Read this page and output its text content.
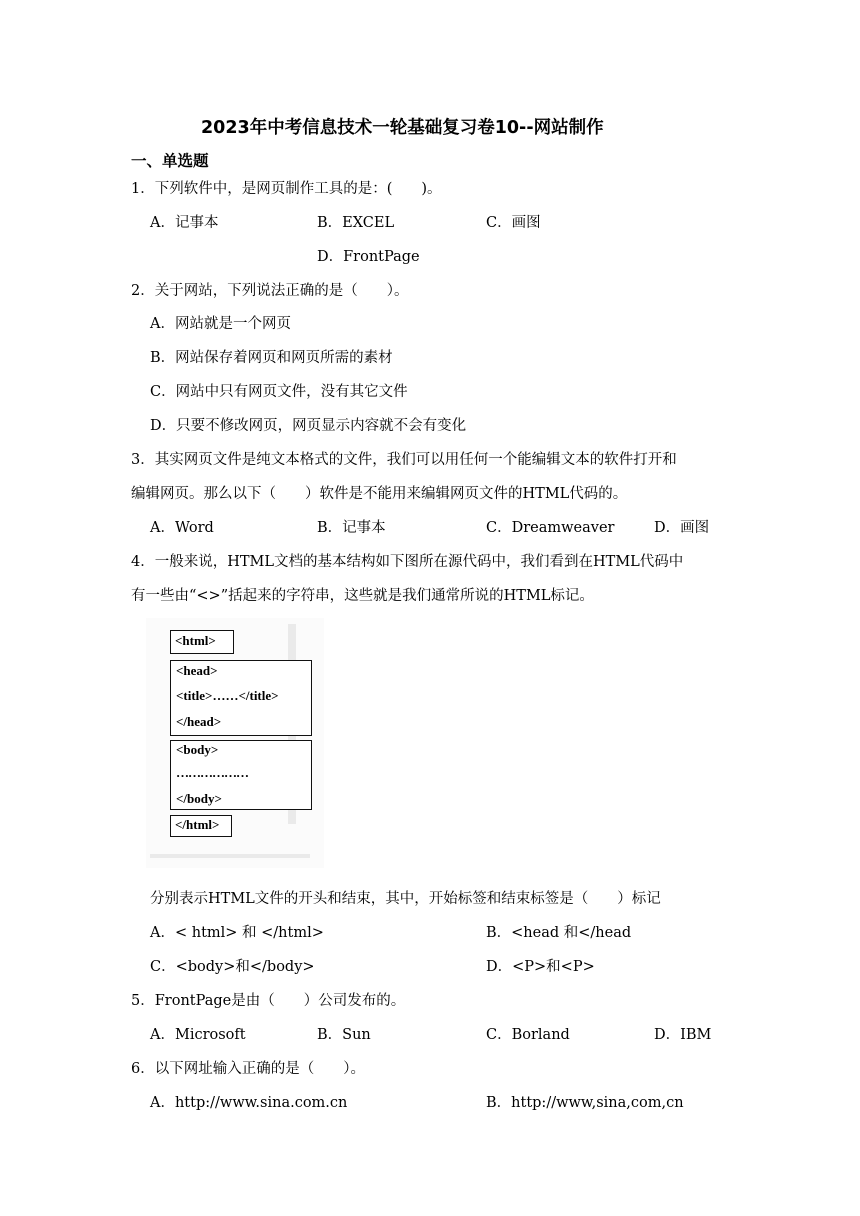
2023年中考信息技术一轮基础复习卷10--网站制作
一、单选题
1．下列软件中，是网页制作工具的是：(　　)。
A．记事本	B．EXCEL	C．画图
D．FrontPage
2．关于网站，下列说法正确的是（　　）。
A．网站就是一个网页
B．网站保存着网页和网页所需的素材
C．网站中只有网页文件，没有其它文件
D．只要不修改网页，网页显示内容就不会有变化
3．其实网页文件是纯文本格式的文件，我们可以用任何一个能编辑文本的软件打开和
编辑网页。那么以下（　　）软件是不能用来编辑网页文件的HTML代码的。
A．Word	B．记事本	C．Dreamweaver	D．画图
4．一般来说，HTML文档的基本结构如下图所在源代码中，我们看到在HTML代码中
有一些由“<>”括起来的字符串，这些就是我们通常所说的HTML标记。
<html>
<head>
<title>……</title>
</head>
<body>
………………
</body>
</html>
分别表示HTML文件的开头和结束，其中，开始标签和结束标签是（　　）标记
A．< html> 和 </html>	B．<head 和</head
C．<body>和</body>	D．<P>和<P>
5．FrontPage是由（　　）公司发布的。
A．Microsoft	B．Sun	C．Borland	D．IBM
6．以下网址输入正确的是（　　）。
A．http://www.sina.com.cn	B．http://www,sina,com,cn
